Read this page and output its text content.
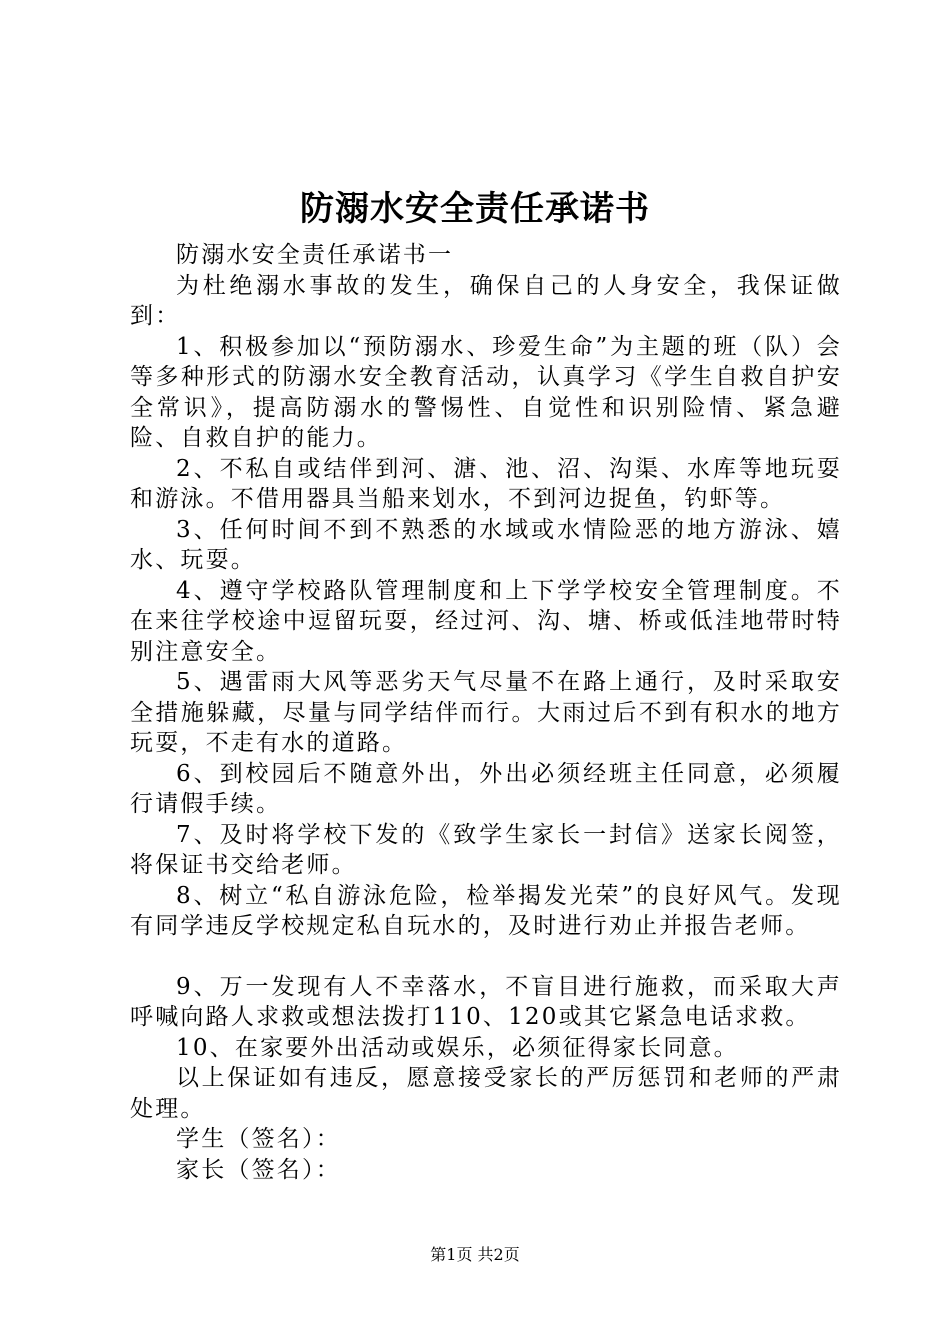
防溺水安全责任承诺书

防溺水安全责任承诺书一

为杜绝溺水事故的发生，确保自己的人身安全，我保证做到：

1、积极参加以“预防溺水、珍爱生命”为主题的班（队）会等多种形式的防溺水安全教育活动，认真学习《学生自救自护安全常识》，提高防溺水的警惕性、自觉性和识别险情、紧急避险、自救自护的能力。

2、不私自或结伴到河、溏、池、沼、沟渠、水库等地玩耍和游泳。不借用器具当船来划水，不到河边捉鱼，钓虾等。

3、任何时间不到不熟悉的水域或水情险恶的地方游泳、嬉水、玩耍。

4、遵守学校路队管理制度和上下学学校安全管理制度。不在来往学校途中逗留玩耍，经过河、沟、塘、桥或低洼地带时特别注意安全。

5、遇雷雨大风等恶劣天气尽量不在路上通行，及时采取安全措施躲藏，尽量与同学结伴而行。大雨过后不到有积水的地方玩耍，不走有水的道路。

6、到校园后不随意外出，外出必须经班主任同意，必须履行请假手续。

7、及时将学校下发的《致学生家长一封信》送家长阅签，将保证书交给老师。

8、树立“私自游泳危险，检举揭发光荣”的良好风气。发现有同学违反学校规定私自玩水的，及时进行劝止并报告老师。

9、万一发现有人不幸落水，不盲目进行施救，而采取大声呼喊向路人求救或想法拨打110、120或其它紧急电话求救。

10、在家要外出活动或娱乐，必须征得家长同意。

以上保证如有违反，愿意接受家长的严厉惩罚和老师的严肃处理。

学生（签名）：

家长（签名）：

第1页 共2页
